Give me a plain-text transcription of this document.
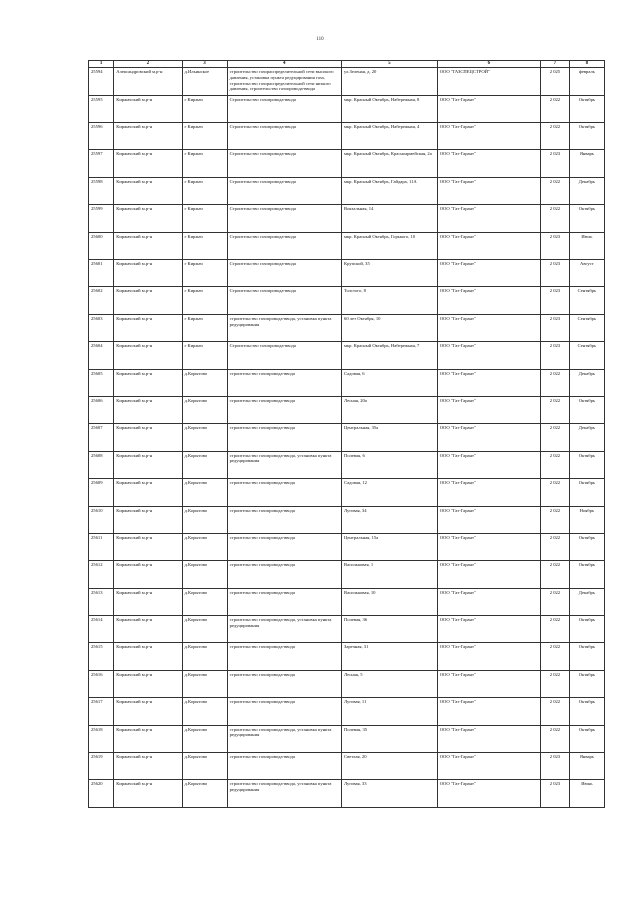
110
1	2	3	4	5	6	7	8
25594	Александровский м.р-н	д.Ильинское	строительство газораспределительной сети высокого давления, установка пункта редуцирования газа, строительство газораспределительной сети низкого давления, строительство газопровода-ввода	ул.Зеленая, д. 20	ООО "ГАЗСПЕЦСТРОЙ"	2 025	февраль
25595	Киржачский м.р-н	г Киржач	Строительство газопровода-ввода	мкр. Красный Октябрь, Набережная, 8	ООО "Газ-Гарант"	2 022	Октябрь
25596	Киржачский м.р-н	г Киржач	Строительство газопровода-ввода	мкр. Красный Октябрь, Набережная, 4	ООО "Газ-Гарант"	2 022	Октябрь
25597	Киржачский м.р-н	г Киржач	Строительство газопровода-ввода	мкр. Красный Октябрь, Красноармейская, 2а	ООО "Газ-Гарант"	2 023	Январь
25598	Киржачский м.р-н	г Киржач	Строительство газопровода-ввода	мкр. Красный Октябрь, Гайдара, 11А	ООО "Газ-Гарант"	2 022	Декабрь
25599	Киржачский м.р-н	г Киржач	Строительство газопровода-ввода	Вокзальная, 14	ООО "Газ-Гарант"	2 022	Октябрь
25600	Киржачский м.р-н	г Киржач	Строительство газопровода-ввода	мкр. Красный Октябрь, Горького, 10	ООО "Газ-Гарант"	2 023	Июль
25601	Киржачский м.р-н	г Киржач	Строительство газопровода-ввода	Крупской, 35	ООО "Газ-Гарант"	2 023	Август
25602	Киржачский м.р-н	г Киржач	Строительство газопровода-ввода	Толстого, 8	ООО "Газ-Гарант"	2 023	Сентябрь
25603	Киржачский м.р-н	г Киржач	строительство газопровода-ввода, установка пункта редуцирования	60 лет Октября, 10	ООО "Газ-Гарант"	2 023	Сентябрь
25604	Киржачский м.р-н	г Киржач	Строительство газопровода-ввода	мкр. Красный Октябрь, Набережная, 7	ООО "Газ-Гарант"	2 023	Сентябрь
25605	Киржачский м.р-н	д.Корытово	строительство газопровода-ввода	Садовая, 6	ООО "Газ-Гарант"	2 022	Декабрь
25606	Киржачский м.р-н	д.Корытово	строительство газопровода-ввода	Лесная, 20а	ООО "Газ-Гарант"	2 022	Октябрь
25607	Киржачский м.р-н	д.Корытово	строительство газопровода-ввода	Центральная, 35а	ООО "Газ-Гарант"	2 022	Декабрь
25608	Киржачский м.р-н	д.Корытово	строительство газопровода-ввода, установка пункта редуцирования	Полевая, 6	ООО "Газ-Гарант"	2 022	Октябрь
25609	Киржачский м.р-н	д.Корытово	строительство газопровода-ввода	Садовая, 12	ООО "Газ-Гарант"	2 022	Октябрь
25610	Киржачский м.р-н	д.Корытово	строительство газопровода-ввода	Луговая, 34	ООО "Газ-Гарант"	2 022	Ноябрь
25611	Киржачский м.р-н	д.Корытово	строительство газопровода-ввода	Центральная, 15а	ООО "Газ-Гарант"	2 022	Октябрь
25612	Киржачский м.р-н	д.Корытово	строительство газопровода-ввода	Васильковая, 1	ООО "Газ-Гарант"	2 022	Октябрь
25613	Киржачский м.р-н	д.Корытово	строительство газопровода-ввода	Васильковая, 10	ООО "Газ-Гарант"	2 022	Декабрь
25614	Киржачский м.р-н	д.Корытово	строительство газопровода-ввода, установка пункта редуцирования	Полевая, 36	ООО "Газ-Гарант"	2 022	Октябрь
25615	Киржачский м.р-н	д.Корытово	строительство газопровода-ввода	Заречная, 31	ООО "Газ-Гарант"	2 022	Октябрь
25616	Киржачский м.р-н	д.Корытово	строительство газопровода-ввода	Лесная, 5	ООО "Газ-Гарант"	2 022	Октябрь
25617	Киржачский м.р-н	д.Корытово	строительство газопровода-ввода	Луговая, 11	ООО "Газ-Гарант"	2 022	Октябрь
25618	Киржачский м.р-н	д.Корытово	строительство газопровода-ввода, установка пункта редуцирования	Полевая, 35	ООО "Газ-Гарант"	2 022	Октябрь
25619	Киржачский м.р-н	д.Корытово	строительство газопровода-ввода	Светлая, 20	ООО "Газ-Гарант"	2 023	Январь
25620	Киржачский м.р-н	д.Корытово	строительство газопровода-ввода, установка пункта редуцирования	Луговая, 33	ООО "Газ-Гарант"	2 023	Июнь
